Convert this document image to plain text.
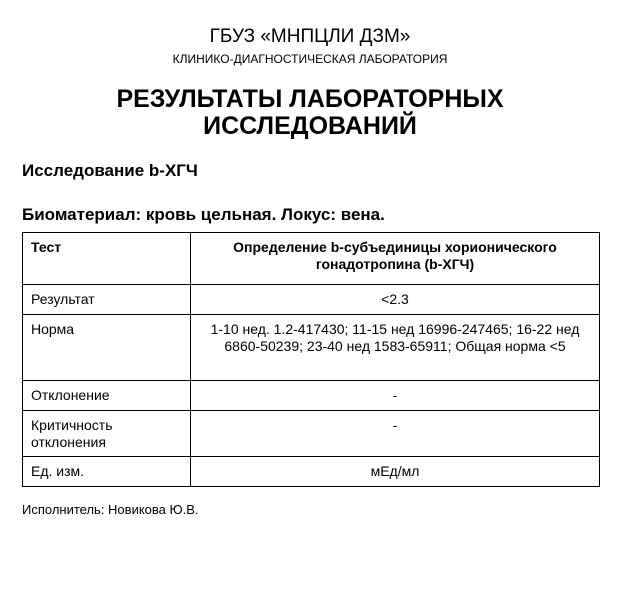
ГБУЗ «МНПЦЛИ ДЗМ»
КЛИНИКО-ДИАГНОСТИЧЕСКАЯ ЛАБОРАТОРИЯ
РЕЗУЛЬТАТЫ ЛАБОРАТОРНЫХ
ИССЛЕДОВАНИЙ
Исследование b-ХГЧ
Биоматериал: кровь цельная. Локус: вена.
Тест	Определение b-субъединицы хорионического гонадотропина (b-ХГЧ)
Результат	<2.3
Норма	1-10 нед. 1.2-417430; 11-15 нед 16996-247465; 16-22 нед 6860-50239; 23-40 нед 1583-65911; Общая норма <5
Отклонение	-
Критичность отклонения	-
Ед. изм.	мЕд/мл
Исполнитель: Новикова Ю.В.
